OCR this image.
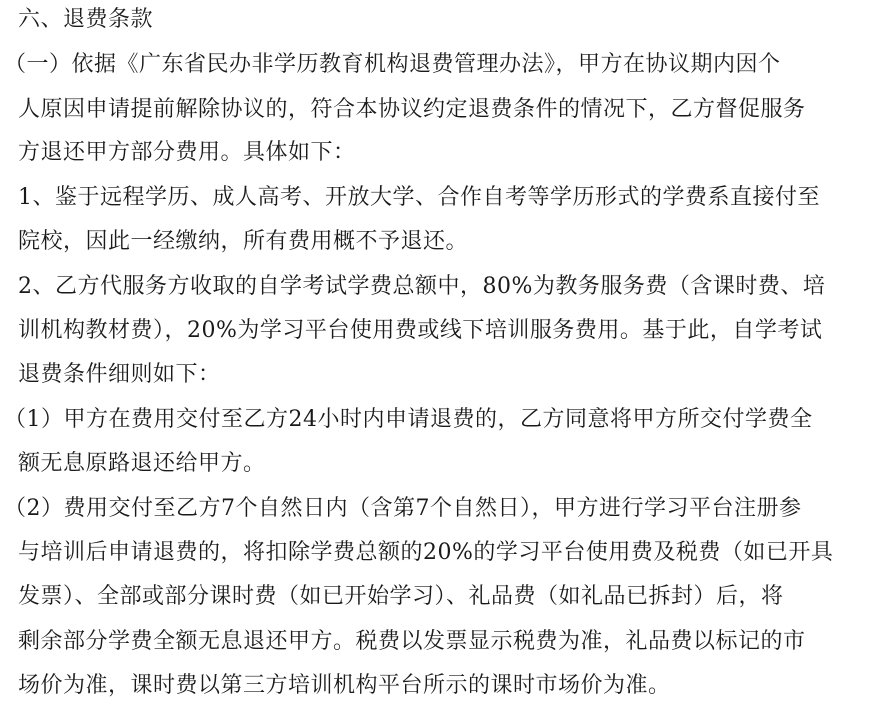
六、退费条款
（一）依据《广东省民办非学历教育机构退费管理办法》，甲方在协议期内因个
人原因申请提前解除协议的，符合本协议约定退费条件的情况下，乙方督促服务
方退还甲方部分费用。具体如下：
1、鉴于远程学历、成人高考、开放大学、合作自考等学历形式的学费系直接付至
院校，因此一经缴纳，所有费用概不予退还。
2、乙方代服务方收取的自学考试学费总额中，80%为教务服务费（含课时费、培
训机构教材费），20%为学习平台使用费或线下培训服务费用。基于此，自学考试
退费条件细则如下：
（1）甲方在费用交付至乙方24小时内申请退费的，乙方同意将甲方所交付学费全
额无息原路退还给甲方。
（2）费用交付至乙方7个自然日内（含第7个自然日），甲方进行学习平台注册参
与培训后申请退费的，将扣除学费总额的20%的学习平台使用费及税费（如已开具
发票）、全部或部分课时费（如已开始学习）、礼品费（如礼品已拆封）后，将
剩余部分学费全额无息退还甲方。税费以发票显示税费为准，礼品费以标记的市
场价为准，课时费以第三方培训机构平台所示的课时市场价为准。
